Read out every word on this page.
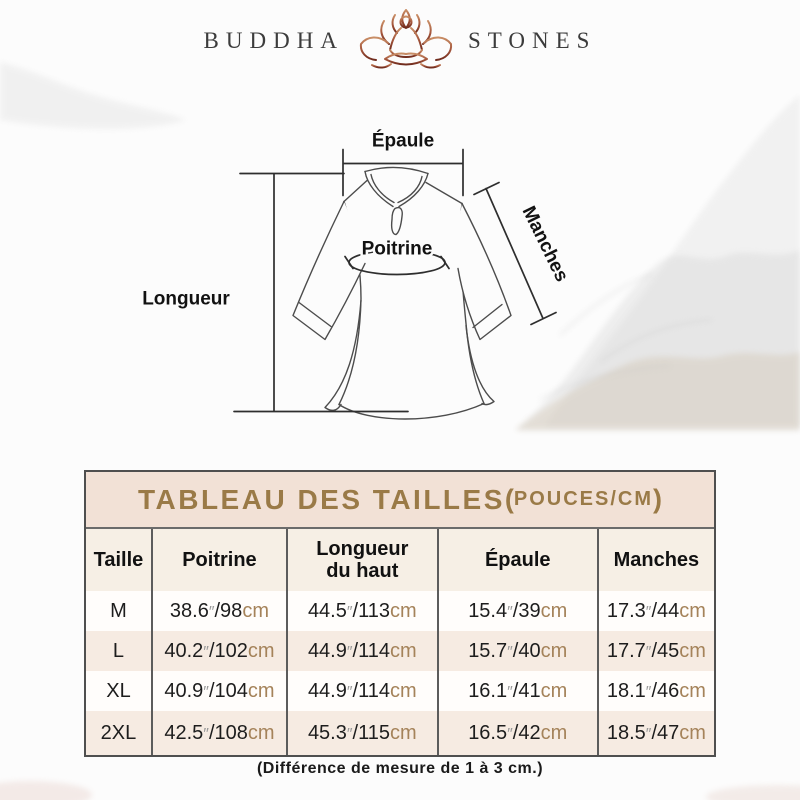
BUDDHA	STONES
Épaule
Longueur
Poitrine	Manches
TABLEAU DES TAILLES ( POUCES/CM )
Taille	Poitrine	Longueur du haut	Épaule	Manches
M	38.6″/98cm	44.5″/113cm	15.4″/39cm	17.3″/44cm
L	40.2″/102cm	44.9″/114cm	15.7″/40cm	17.7″/45cm
XL	40.9″/104cm	44.9″/114cm	16.1″/41cm	18.1″/46cm
2XL	42.5″/108cm	45.3″/115cm	16.5″/42cm	18.5″/47cm

(Différence de mesure de 1 à 3 cm.)
